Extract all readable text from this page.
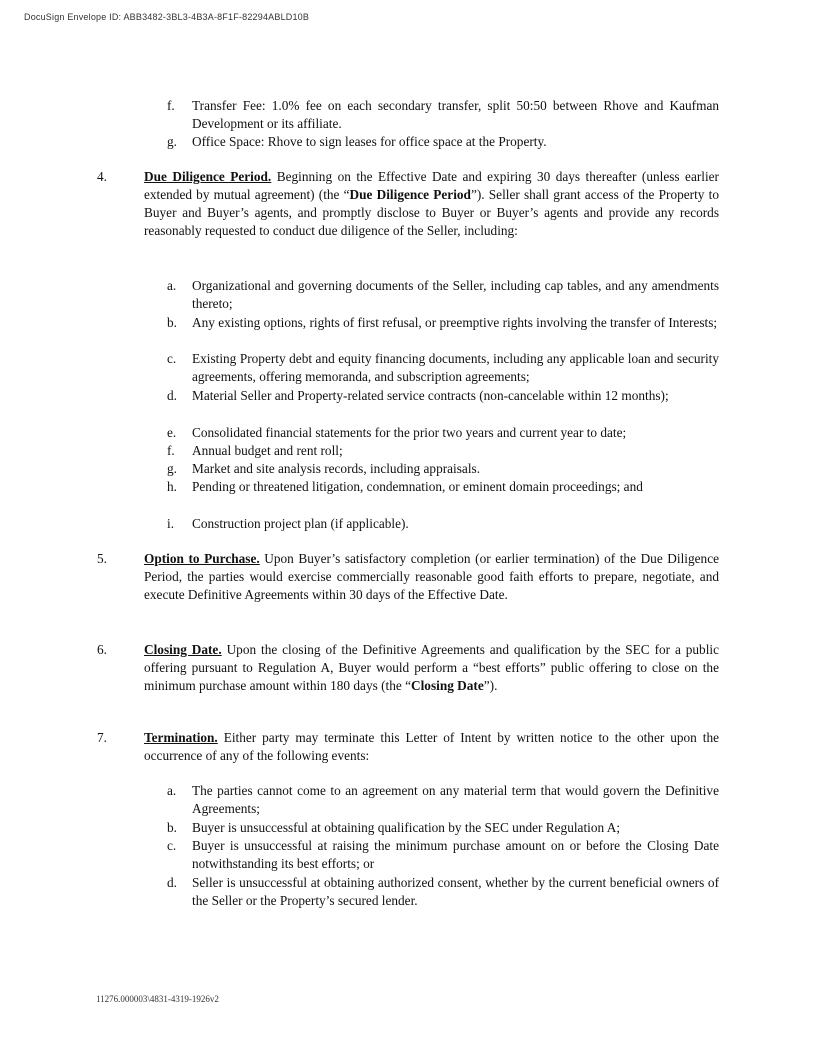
DocuSign Envelope ID: ABB3482-3BL3-4B3A-8F1F-82294ABLD10B
f. Transfer Fee: 1.0% fee on each secondary transfer, split 50:50 between Rhove and Kaufman Development or its affiliate.
g. Office Space: Rhove to sign leases for office space at the Property.
4.	Due Diligence Period. Beginning on the Effective Date and expiring 30 days thereafter (unless earlier extended by mutual agreement) (the “Due Diligence Period”). Seller shall grant access of the Property to Buyer and Buyer’s agents, and promptly disclose to Buyer or Buyer’s agents and provide any records reasonably requested to conduct due diligence of the Seller, including:
a. Organizational and governing documents of the Seller, including cap tables, and any amendments thereto;
b. Any existing options, rights of first refusal, or preemptive rights involving the transfer of Interests;
c. Existing Property debt and equity financing documents, including any applicable loan and security agreements, offering memoranda, and subscription agreements;
d. Material Seller and Property-related service contracts (non-cancelable within 12 months);
e. Consolidated financial statements for the prior two years and current year to date;
f. Annual budget and rent roll;
g. Market and site analysis records, including appraisals.
h. Pending or threatened litigation, condemnation, or eminent domain proceedings; and
i. Construction project plan (if applicable).
5.	Option to Purchase. Upon Buyer’s satisfactory completion (or earlier termination) of the Due Diligence Period, the parties would exercise commercially reasonable good faith efforts to prepare, negotiate, and execute Definitive Agreements within 30 days of the Effective Date.
6.	Closing Date. Upon the closing of the Definitive Agreements and qualification by the SEC for a public offering pursuant to Regulation A, Buyer would perform a “best efforts” public offering to close on the minimum purchase amount within 180 days (the “Closing Date”).
7.	Termination. Either party may terminate this Letter of Intent by written notice to the other upon the occurrence of any of the following events:
a. The parties cannot come to an agreement on any material term that would govern the Definitive Agreements;
b. Buyer is unsuccessful at obtaining qualification by the SEC under Regulation A;
c. Buyer is unsuccessful at raising the minimum purchase amount on or before the Closing Date notwithstanding its best efforts; or
d. Seller is unsuccessful at obtaining authorized consent, whether by the current beneficial owners of the Seller or the Property’s secured lender.
11276.000003\4831-4319-1926v2
